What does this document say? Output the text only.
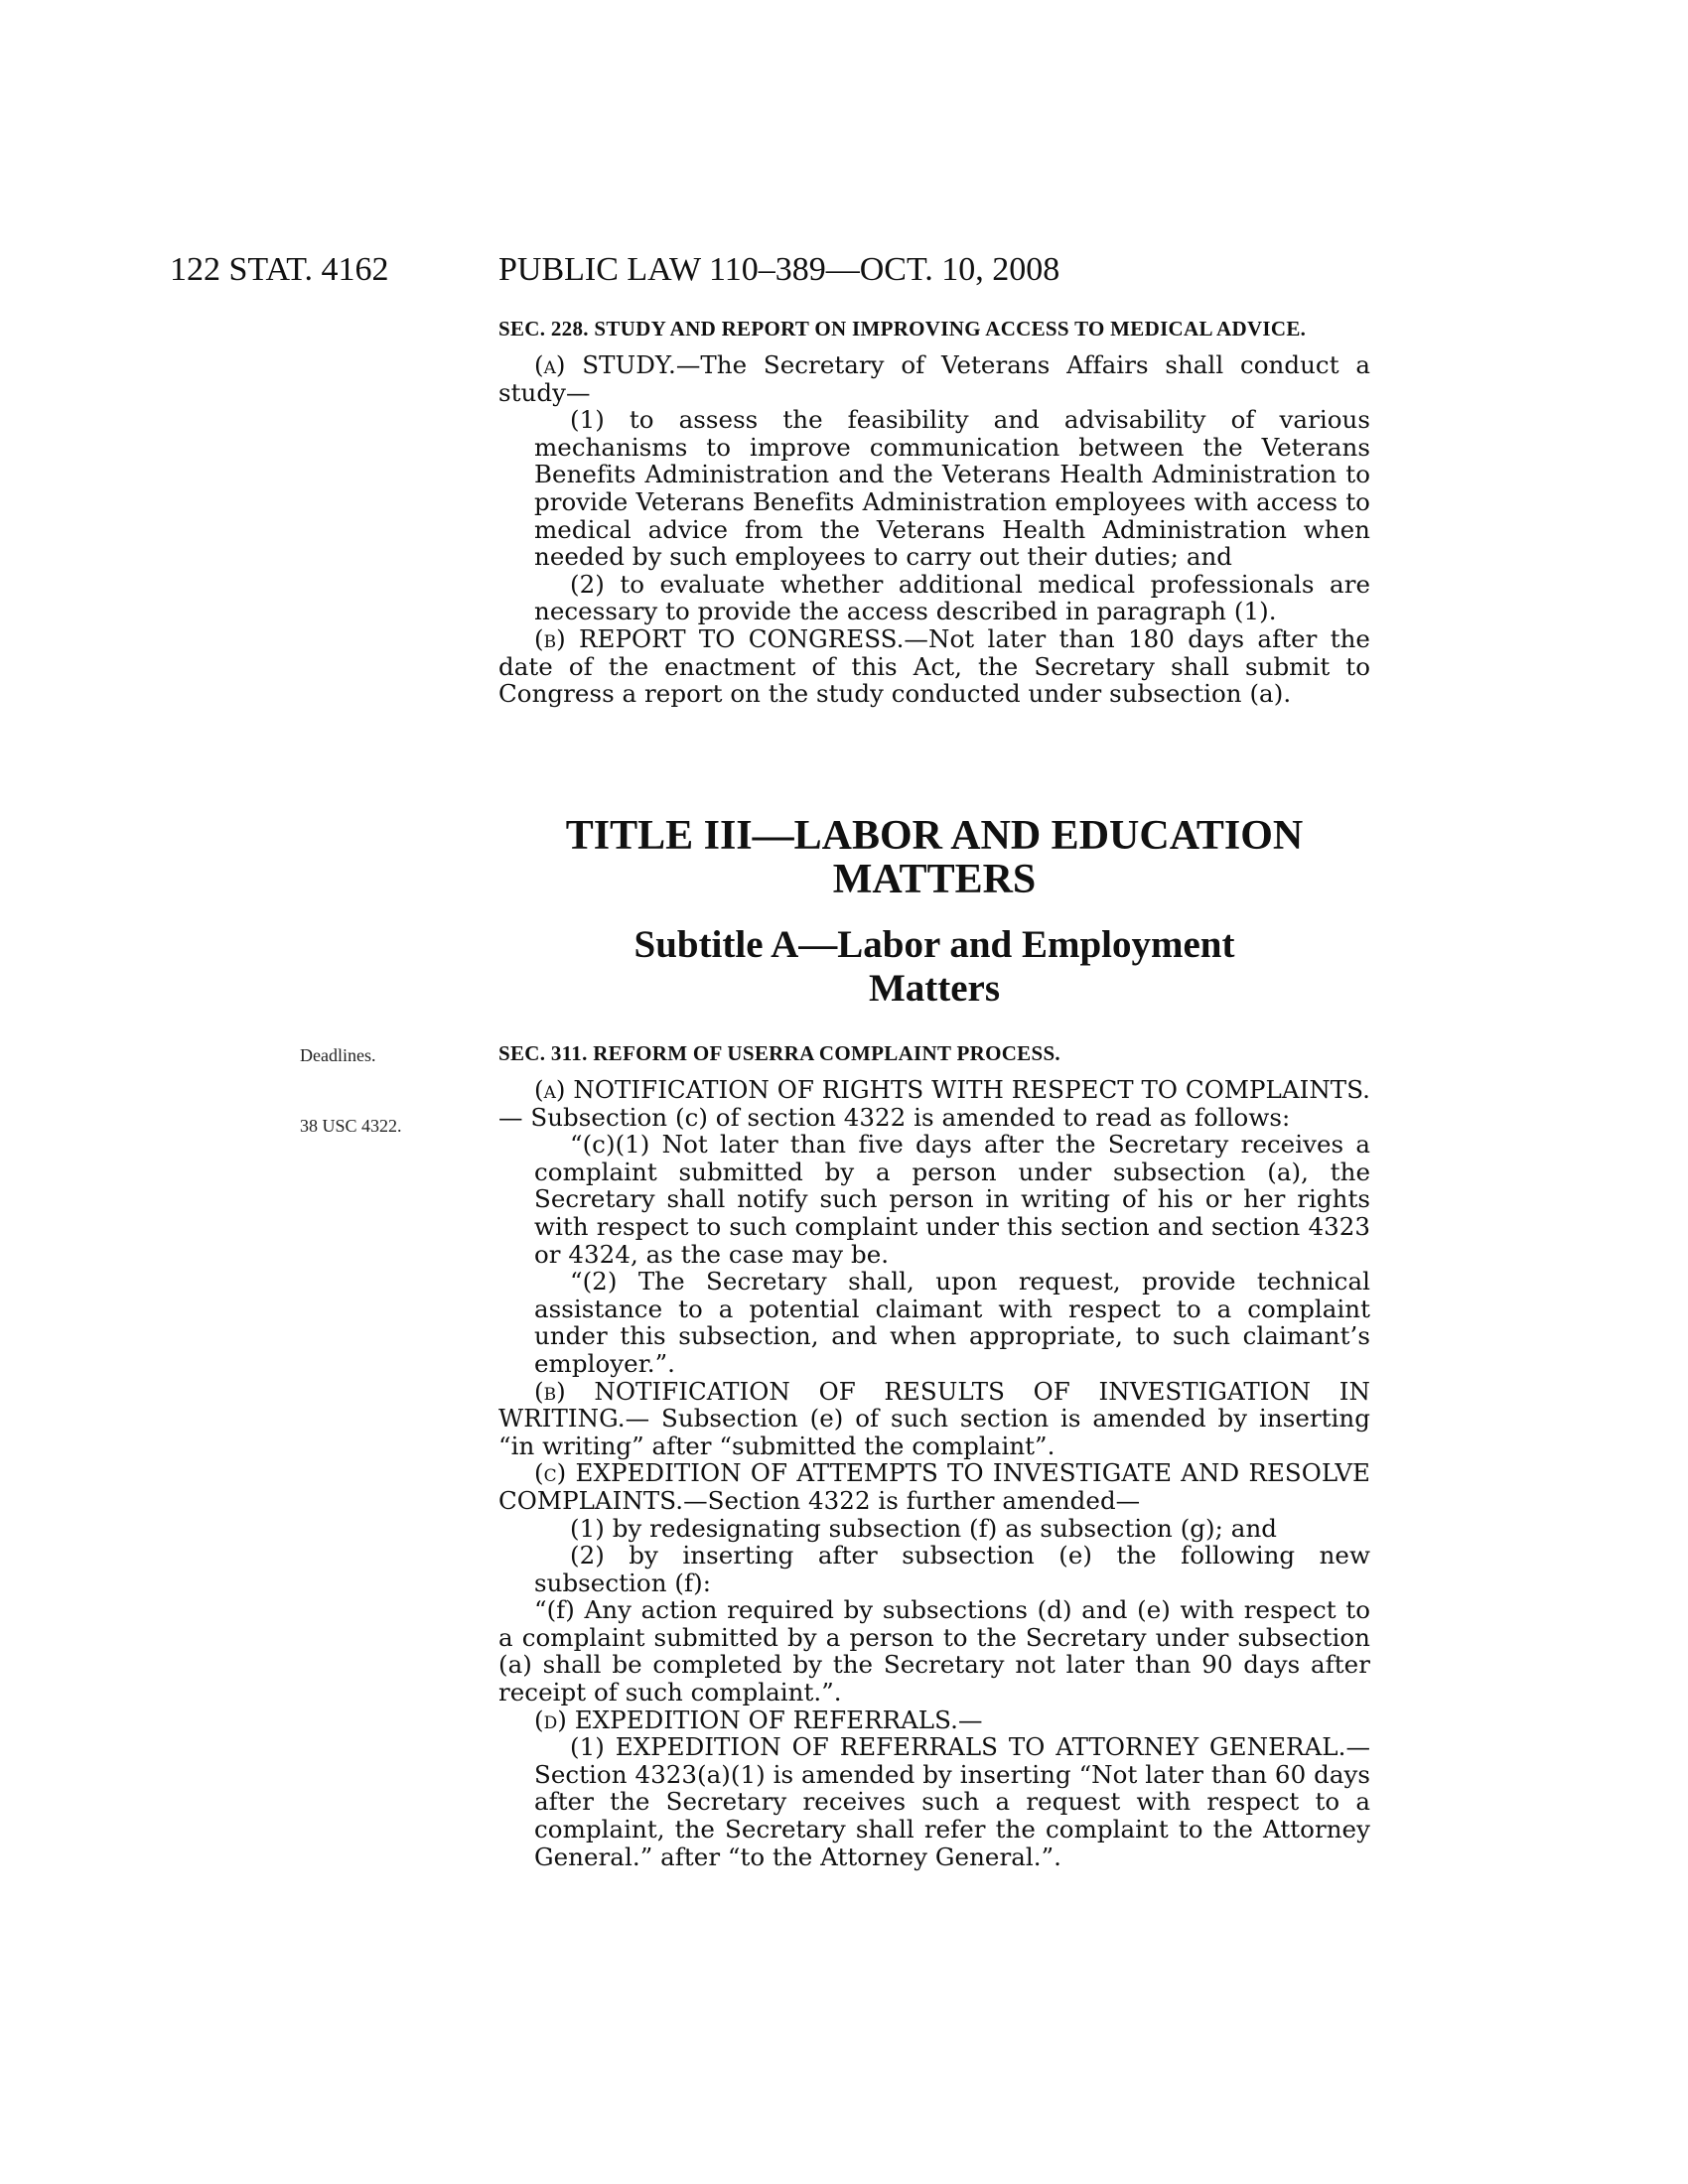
122 STAT. 4162	PUBLIC LAW 110–389—OCT. 10, 2008

SEC. 228. STUDY AND REPORT ON IMPROVING ACCESS TO MEDICAL ADVICE.

(a) STUDY.—The Secretary of Veterans Affairs shall conduct a study—

(1) to assess the feasibility and advisability of various mechanisms to improve communication between the Veterans Benefits Administration and the Veterans Health Administration to provide Veterans Benefits Administration employees with access to medical advice from the Veterans Health Administration when needed by such employees to carry out their duties; and

(2) to evaluate whether additional medical professionals are necessary to provide the access described in paragraph (1).

(b) REPORT TO CONGRESS.—Not later than 180 days after the date of the enactment of this Act, the Secretary shall submit to Congress a report on the study conducted under subsection (a).

TITLE III—LABOR AND EDUCATION
MATTERS
Subtitle A—Labor and Employment
Matters
Deadlines.
38 USC 4322.

SEC. 311. REFORM OF USERRA COMPLAINT PROCESS.

(a) NOTIFICATION OF RIGHTS WITH RESPECT TO COMPLAINTS.— Subsection (c) of section 4322 is amended to read as follows:

“(c)(1) Not later than five days after the Secretary receives a complaint submitted by a person under subsection (a), the Secretary shall notify such person in writing of his or her rights with respect to such complaint under this section and section 4323 or 4324, as the case may be.

“(2) The Secretary shall, upon request, provide technical assistance to a potential claimant with respect to a complaint under this subsection, and when appropriate, to such claimant’s employer.”.

(b) NOTIFICATION OF RESULTS OF INVESTIGATION IN WRITING.— Subsection (e) of such section is amended by inserting “in writing” after “submitted the complaint”.

(c) EXPEDITION OF ATTEMPTS TO INVESTIGATE AND RESOLVE COMPLAINTS.—Section 4322 is further amended—

(1) by redesignating subsection (f) as subsection (g); and

(2) by inserting after subsection (e) the following new subsection (f):

“(f) Any action required by subsections (d) and (e) with respect to a complaint submitted by a person to the Secretary under subsection (a) shall be completed by the Secretary not later than 90 days after receipt of such complaint.”.

(d) EXPEDITION OF REFERRALS.—

(1) EXPEDITION OF REFERRALS TO ATTORNEY GENERAL.— Section 4323(a)(1) is amended by inserting “Not later than 60 days after the Secretary receives such a request with respect to a complaint, the Secretary shall refer the complaint to the Attorney General.” after “to the Attorney General.”.
